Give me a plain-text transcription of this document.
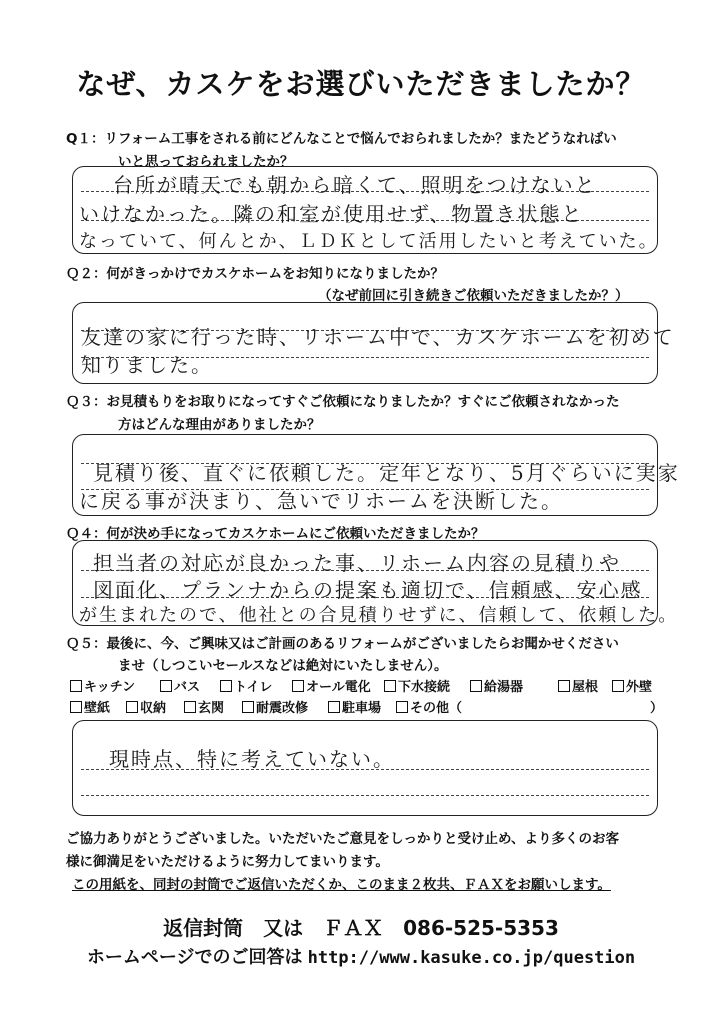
なぜ、カスケをお選びいただきましたか？
Q１：リフォーム工事をされる前にどんなことで悩んでおられましたか？またどうなればい
いと思っておられましたか？
台所が晴天でも朝から暗くて、照明をつけないと
いけなかった。隣の和室が使用せず、物置き状態と
なっていて、何んとか、ＬＤＫとして活用したいと考えていた。
Ｑ２：何がきっかけでカスケホームをお知りになりましたか？
（なぜ前回に引き続きご依頼いただきましたか？）
友達の家に行った時、リホーム中で、カスケホームを初めて
知りました。
Ｑ３：お見積もりをお取りになってすぐご依頼になりましたか？すぐにご依頼されなかった
方はどんな理由がありましたか？
見積り後、直ぐに依頼した。定年となり、5月ぐらいに実家
に戻る事が決まり、急いでリホームを決断した。
Ｑ４：何が決め手になってカスケホームにご依頼いただきましたか？
担当者の対応が良かった事、リホーム内容の見積りや
図面化、プランナからの提案も適切で、信頼感、安心感
が生まれたので、他社との合見積りせずに、信頼して、依頼した。
Ｑ５：最後に、今、ご興味又はご計画のあるリフォームがございましたらお聞かせください
ませ（しつこいセールスなどは絶対にいたしません）。
キッチン	バス	トイレ	オール電化	下水接続	給湯器	屋根	外壁
壁紙	収納	玄関	耐震改修	駐車場	その他（	）
現時点、特に考えていない。
ご協力ありがとうございました。いただいたご意見をしっかりと受け止め、より多くのお客
様に御満足をいただけるように努力してまいります。
この用紙を、同封の封筒でご返信いただくか、このまま２枚共、ＦＡＸをお願いします。
返信封筒　又は　ＦＡＸ　086-525-5353
ホームページでのご回答は http://www.kasuke.co.jp/question
